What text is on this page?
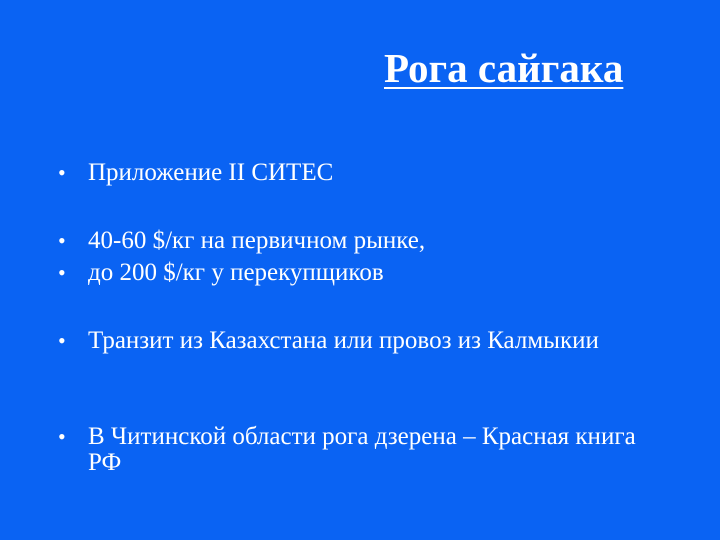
Рога сайгака
• Приложение II СИТЕС
• 40-60 $/кг на первичном рынке,
• до 200 $/кг у перекупщиков
• Транзит из Казахстана или провоз из Калмыкии
• В Читинской области рога дзерена – Красная книга РФ
